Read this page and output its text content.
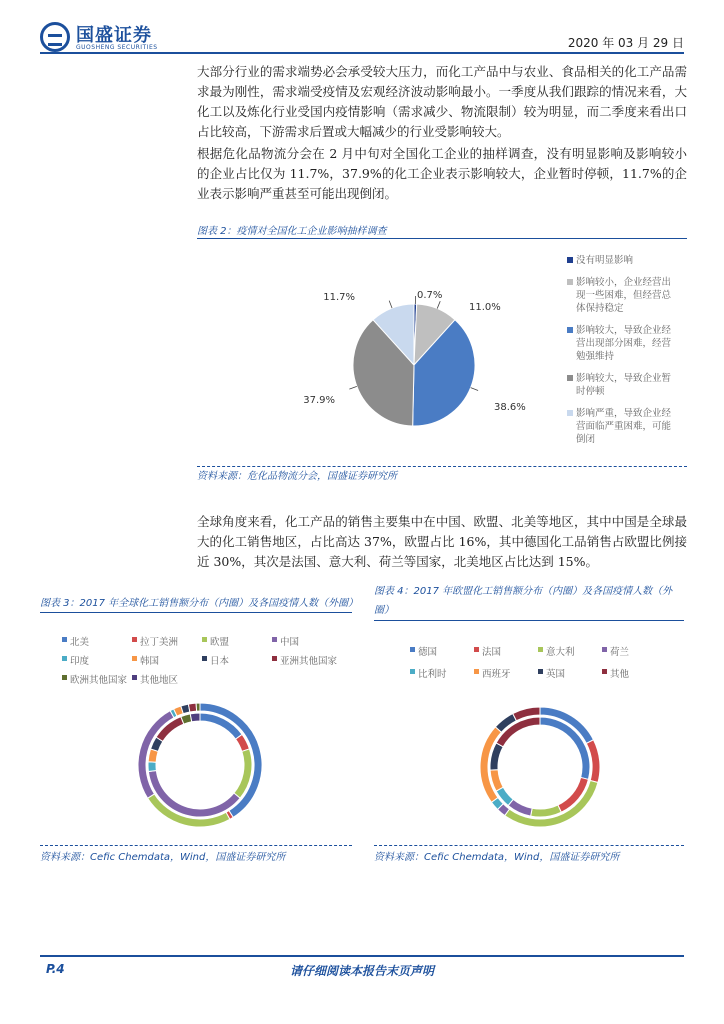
国盛证券
GUOSHENG SECURITIES	2020 年 03 月 29 日
大部分行业的需求端势必会承受较大压力，而化工产品中与农业、食品相关的化工产品需求最为刚性，需求端受疫情及宏观经济波动影响最小。一季度从我们跟踪的情况来看，大化工以及炼化行业受国内疫情影响（需求减少、物流限制）较为明显，而二季度来看出口占比较高，下游需求后置或大幅减少的行业受影响较大。
根据危化品物流分会在 2 月中旬对全国化工企业的抽样调查，没有明显影响及影响较小的企业占比仅为 11.7%，37.9%的化工企业表示影响较大，企业暂时停顿，11.7%的企业表示影响严重甚至可能出现倒闭。
图表 2：疫情对全国化工企业影响抽样调查
0.7%
11.0%
38.6%
37.9%
11.7%
没有明显影响
影响较小，企业经营出
现一些困难，但经营总
体保持稳定
影响较大，导致企业经
营出现部分困难，经营
勉强维持
影响较大，导致企业暂
时停顿
影响严重，导致企业经
营面临严重困难，可能
倒闭
资料来源：危化品物流分会，国盛证券研究所
全球角度来看，化工产品的销售主要集中在中国、欧盟、北美等地区，其中中国是全球最大的化工销售地区，占比高达 37%，欧盟占比 16%，其中德国化工品销售占欧盟比例接近 30%，其次是法国、意大利、荷兰等国家，北美地区占比达到 15%。
图表 3：2017 年全球化工销售额分布（内圈）及各国疫情人数（外圈）
北美	拉丁美洲	欧盟	中国
印度	韩国	日本	亚洲其他国家
欧洲其他国家	其他地区
资料来源：Cefic Chemdata，Wind，国盛证券研究所
图表 4：2017 年欧盟化工销售额分布（内圈）及各国疫情人数（外
圈）
德国	法国	意大利	荷兰
比利时	西班牙	英国	其他
资料来源：Cefic Chemdata，Wind，国盛证券研究所
P.4	请仔细阅读本报告末页声明
